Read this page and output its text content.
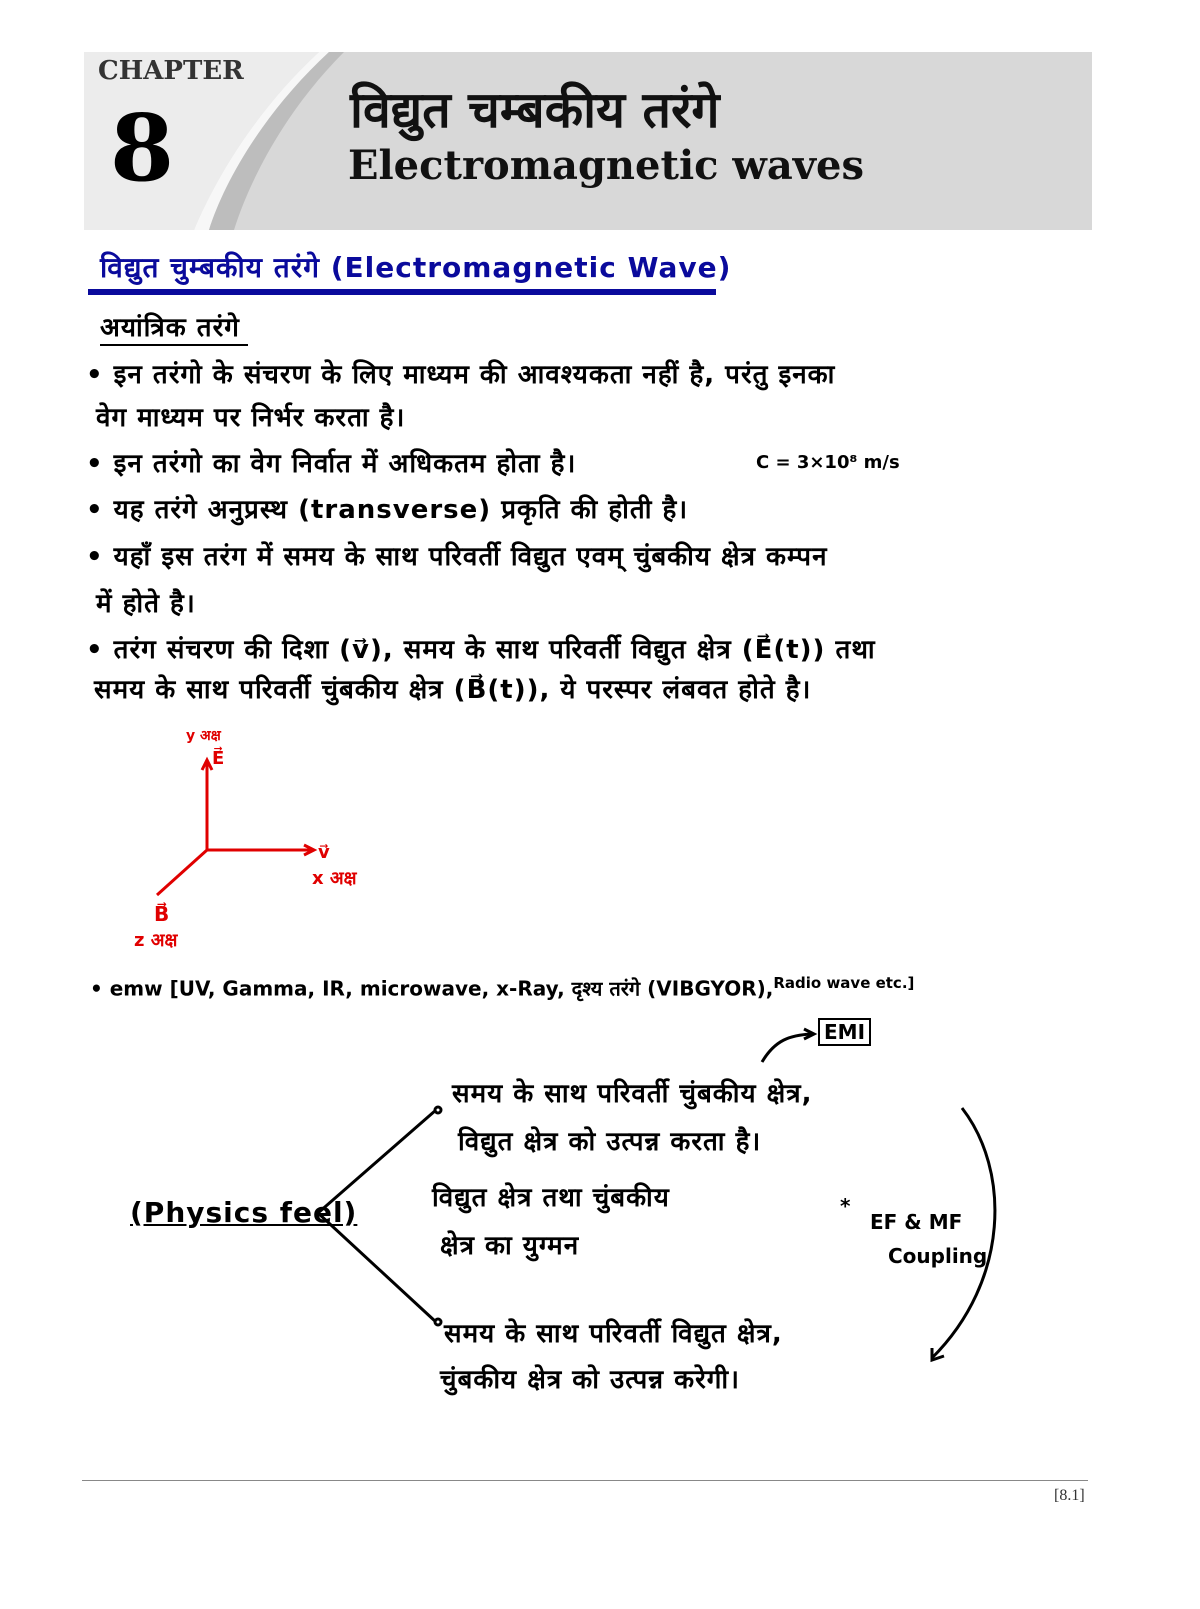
CHAPTER
8	विद्युत चम्बकीय तरंगे
Electromagnetic waves
विद्युत चुम्बकीय तरंगे (Electromagnetic Wave)
अयांत्रिक तरंगे
• इन तरंगो के संचरण के लिए माध्यम की आवश्यकता नहीं है, परंतु इनका
वेग माध्यम पर निर्भर करता है।
• इन तरंगो का वेग निर्वात में अधिकतम होता है।	C = 3×10⁸ m/s
• यह तरंगे अनुप्रस्थ (transverse) प्रकृति की होती है।
• यहाँ इस तरंग में समय के साथ परिवर्ती विद्युत एवम् चुंबकीय क्षेत्र कम्पन
में होते है।
• तरंग संचरण की दिशा (v⃗), समय के साथ परिवर्ती विद्युत क्षेत्र (E⃗(t)) तथा
समय के साथ परिवर्ती चुंबकीय क्षेत्र (B⃗(t)), ये परस्पर लंबवत होते है।
y अक्ष
E⃗
v⃗
x अक्ष
B⃗
z अक्ष
• emw [UV, Gamma, IR, microwave, x-Ray, दृश्य तरंगे (VIBGYOR),$^{Radio wave etc.]}$
(Physics feel)
EMI
समय के साथ परिवर्ती चुंबकीय क्षेत्र,
विद्युत क्षेत्र को उत्पन्न करता है।
विद्युत क्षेत्र तथा चुंबकीय
क्षेत्र का युग्मन
*
EF & MF
Coupling
समय के साथ परिवर्ती विद्युत क्षेत्र,
चुंबकीय क्षेत्र को उत्पन्न करेगी।
[8.1]
